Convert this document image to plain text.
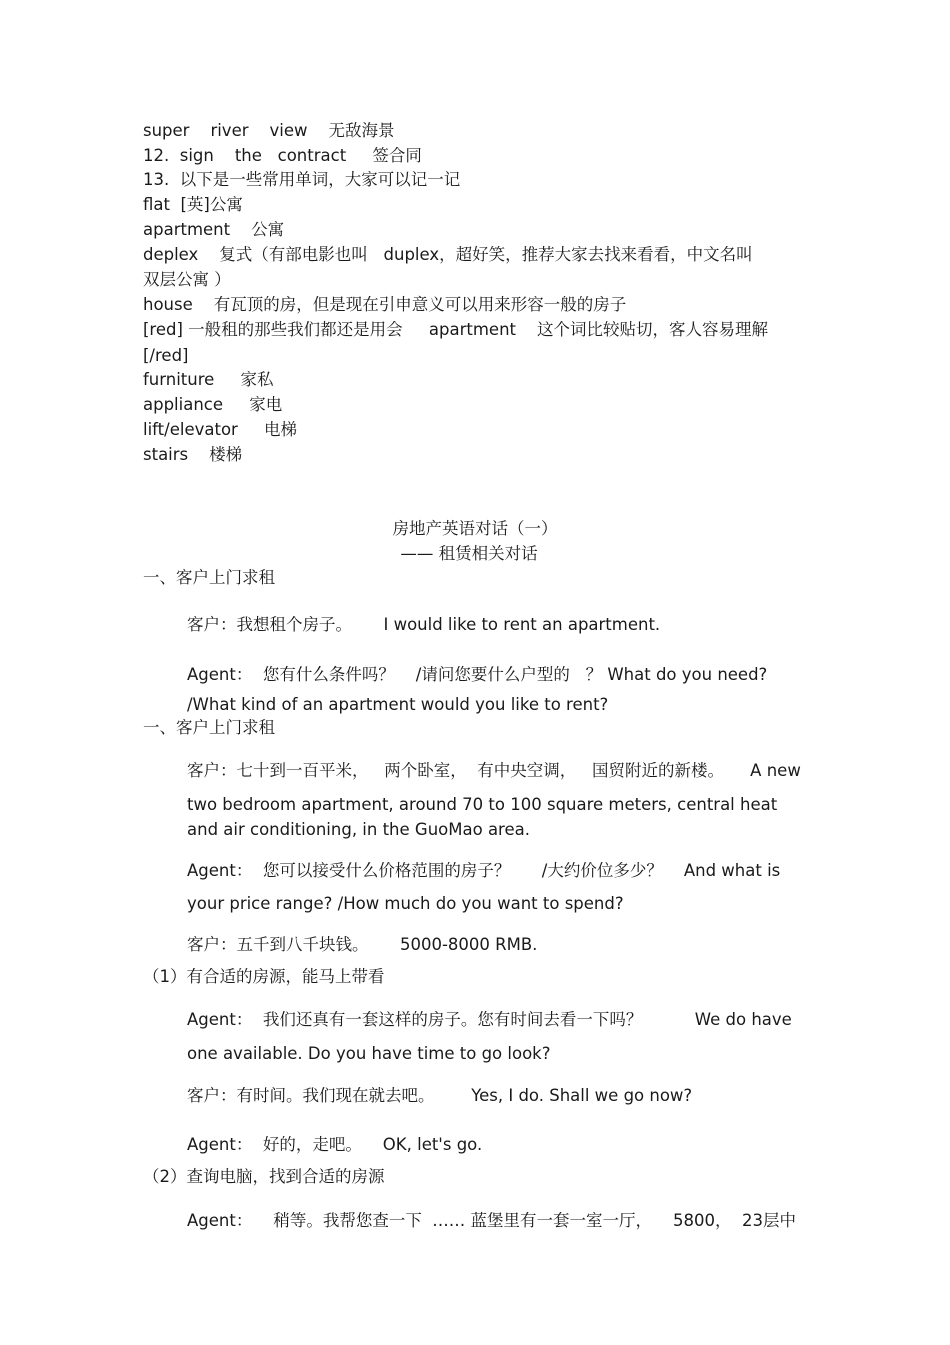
super    river    view    无敌海景
12.  sign    the   contract     签合同
13.  以下是一些常用单词，大家可以记一记
flat  [英]公寓
apartment    公寓
deplex    复式（有部电影也叫   duplex，超好笑，推荐大家去找来看看，中文名叫
双层公寓 ）
house    有瓦顶的房，但是现在引申意义可以用来形容一般的房子
[red] 一般租的那些我们都还是用会     apartment    这个词比较贴切，客人容易理解
[/red]
furniture     家私
appliance     家电
lift/elevator     电梯
stairs    楼梯
房地产英语对话（一）
—— 租赁相关对话
一、客户上门求租
客户：我想租个房子。      I would like to rent an apartment.
Agent：  您有什么条件吗？    /请问您要什么户型的   ？ What do you need?
/What kind of an apartment would you like to rent?
一、客户上门求租
客户：七十到一百平米，   两个卧室，  有中央空调，   国贸附近的新楼。     A new
two bedroom apartment, around 70 to 100 square meters, central heat
and air conditioning, in the GuoMao area.
Agent：  您可以接受什么价格范围的房子？      /大约价位多少？    And what is
your price range? /How much do you want to spend?
客户：五千到八千块钱。      5000-8000 RMB.
（1）有合适的房源，能马上带看
Agent：  我们还真有一套这样的房子。您有时间去看一下吗？          We do have
one available. Do you have time to go look?
客户：有时间。我们现在就去吧。       Yes, I do. Shall we go now?
Agent：  好的，走吧。    OK, let's go.
（2）查询电脑，找到合适的房源
Agent：    稍等。我帮您查一下  …… 蓝堡里有一套一室一厅，    5800，  23层中
